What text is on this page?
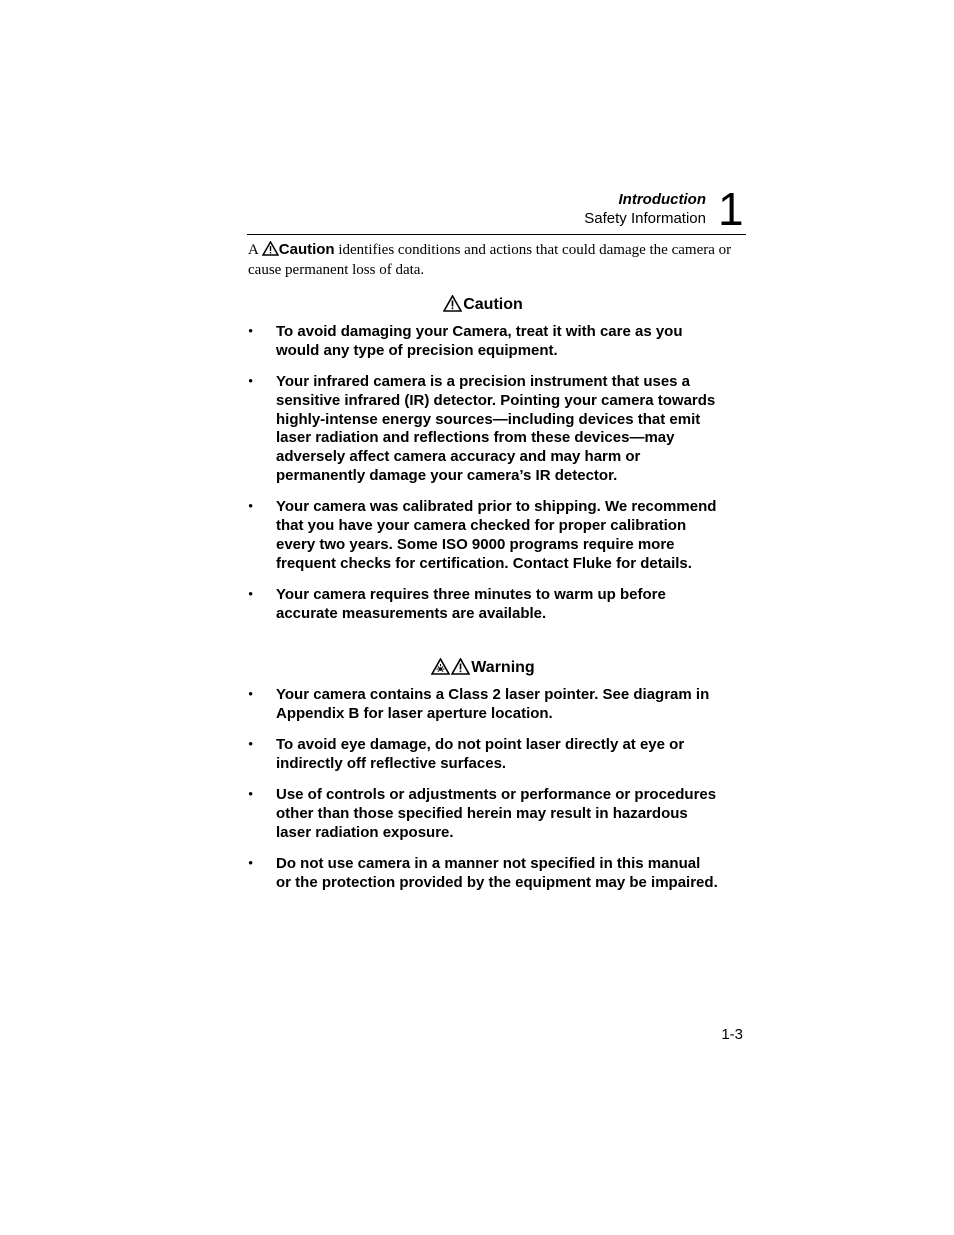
Introduction
Safety Information 1
A Caution identifies conditions and actions that could damage the camera or cause permanent loss of data.
Caution
• To avoid damaging your Camera, treat it with care as you would any type of precision equipment.
• Your infrared camera is a precision instrument that uses a sensitive infrared (IR) detector. Pointing your camera towards highly-intense energy sources—including devices that emit laser radiation and reflections from these devices—may adversely affect camera accuracy and may harm or permanently damage your camera’s IR detector.
• Your camera was calibrated prior to shipping. We recommend that you have your camera checked for proper calibration every two years. Some ISO 9000 programs require more frequent checks for certification. Contact Fluke for details.
• Your camera requires three minutes to warm up before accurate measurements are available.
Warning
• Your camera contains a Class 2 laser pointer. See diagram in Appendix B for laser aperture location.
• To avoid eye damage, do not point laser directly at eye or indirectly off reflective surfaces.
• Use of controls or adjustments or performance or procedures other than those specified herein may result in hazardous laser radiation exposure.
• Do not use camera in a manner not specified in this manual or the protection provided by the equipment may be impaired.
1-3
